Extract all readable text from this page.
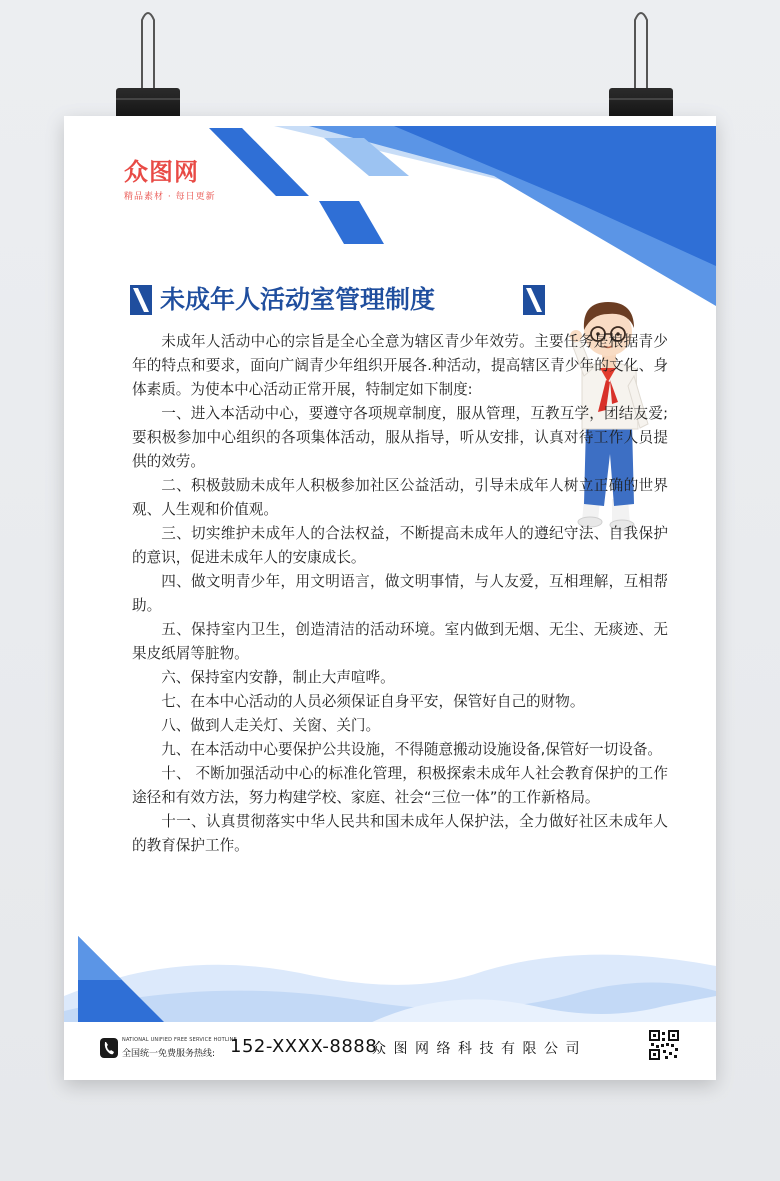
众图网
精品素材 · 每日更新
未成年人活动室管理制度

未成年人活动中心的宗旨是全心全意为辖区青少年效劳。主要任务是根据青少年的特点和要求，面向广阔青少年组织开展各.种活动，提高辖区青少年的文化、身体素质。为使本中心活动正常开展，特制定如下制度:

一、进入本活动中心，要遵守各项规章制度，服从管理，互教互学，团结友爱;要积极参加中心组织的各项集体活动，服从指导，听从安排，认真对待工作人员提供的效劳。

二、积极鼓励未成年人积极参加社区公益活动，引导未成年人树立正确的世界观、人生观和价值观。

三、切实维护未成年人的合法权益，不断提高未成年人的遵纪守法、自我保护的意识，促进未成年人的安康成长。

四、做文明青少年，用文明语言，做文明事情，与人友爱，互相理解，互相帮助。

五、保持室内卫生，创造清洁的活动环境。室内做到无烟、无尘、无痰迹、无果皮纸屑等脏物。

六、保持室内安静，制止大声喧哗。

七、在本中心活动的人员必须保证自身平安，保管好自己的财物。

八、做到人走关灯、关窗、关门。

九、在本活动中心要保护公共设施，不得随意搬动设施设备,保管好一切设备。

十、 不断加强活动中心的标准化管理，积极探索未成年人社会教育保护的工作途径和有效方法，努力构建学校、家庭、社会“三位一体”的工作新格局。

十一、认真贯彻落实中华人民共和国未成年人保护法，全力做好社区未成年人的教育保护工作。

NATIONAL UNIFIED FREE SERVICE HOTLINE
全国统一免费服务热线: 152-XXXX-8888
众图网络科技有限公司
